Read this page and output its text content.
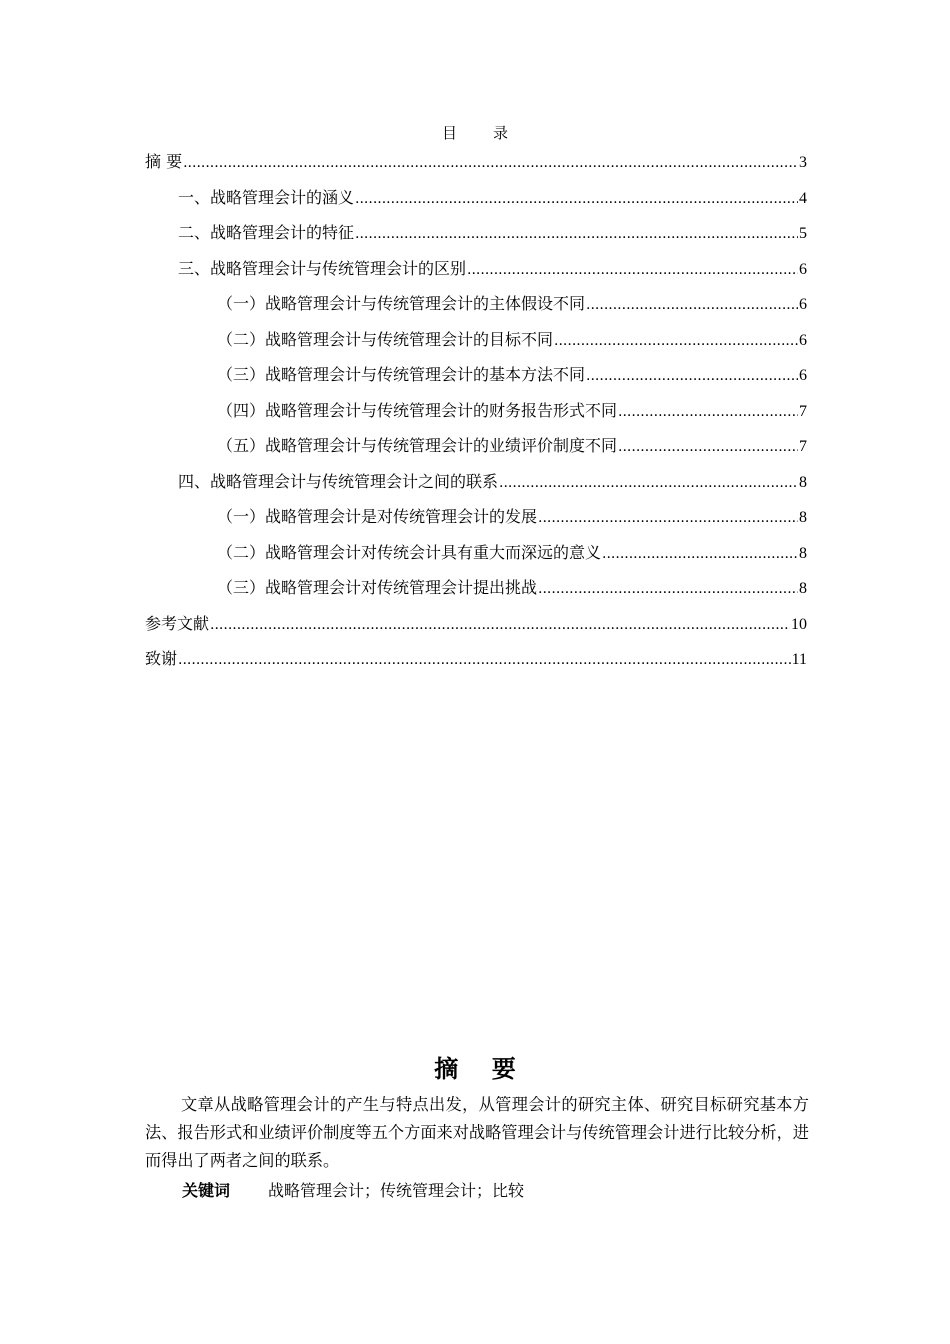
目 录
摘 要 .....	3
一、战略管理会计的涵义 .....	4
二、战略管理会计的特征 .....	5
三、战略管理会计与传统管理会计的区别 .....	6
（一）战略管理会计与传统管理会计的主体假设不同 .....	6
（二）战略管理会计与传统管理会计的目标不同 .....	6
（三）战略管理会计与传统管理会计的基本方法不同 .....	6
（四）战略管理会计与传统管理会计的财务报告形式不同 .....	7
（五）战略管理会计与传统管理会计的业绩评价制度不同 .....	7
四、战略管理会计与传统管理会计之间的联系 .....	8
（一）战略管理会计是对传统管理会计的发展 .....	8
（二）战略管理会计对传统会计具有重大而深远的意义 .....	8
（三）战略管理会计对传统管理会计提出挑战 .....	8
参考文献 .....	10
致谢 .....	11
摘    要
文章从战略管理会计的产生与特点出发，从管理会计的研究主体、研究目标研究基本方法、报告形式和业绩评价制度等五个方面来对战略管理会计与传统管理会计进行比较分析，进而得出了两者之间的联系。
关键词 战略管理会计；传统管理会计；比较
